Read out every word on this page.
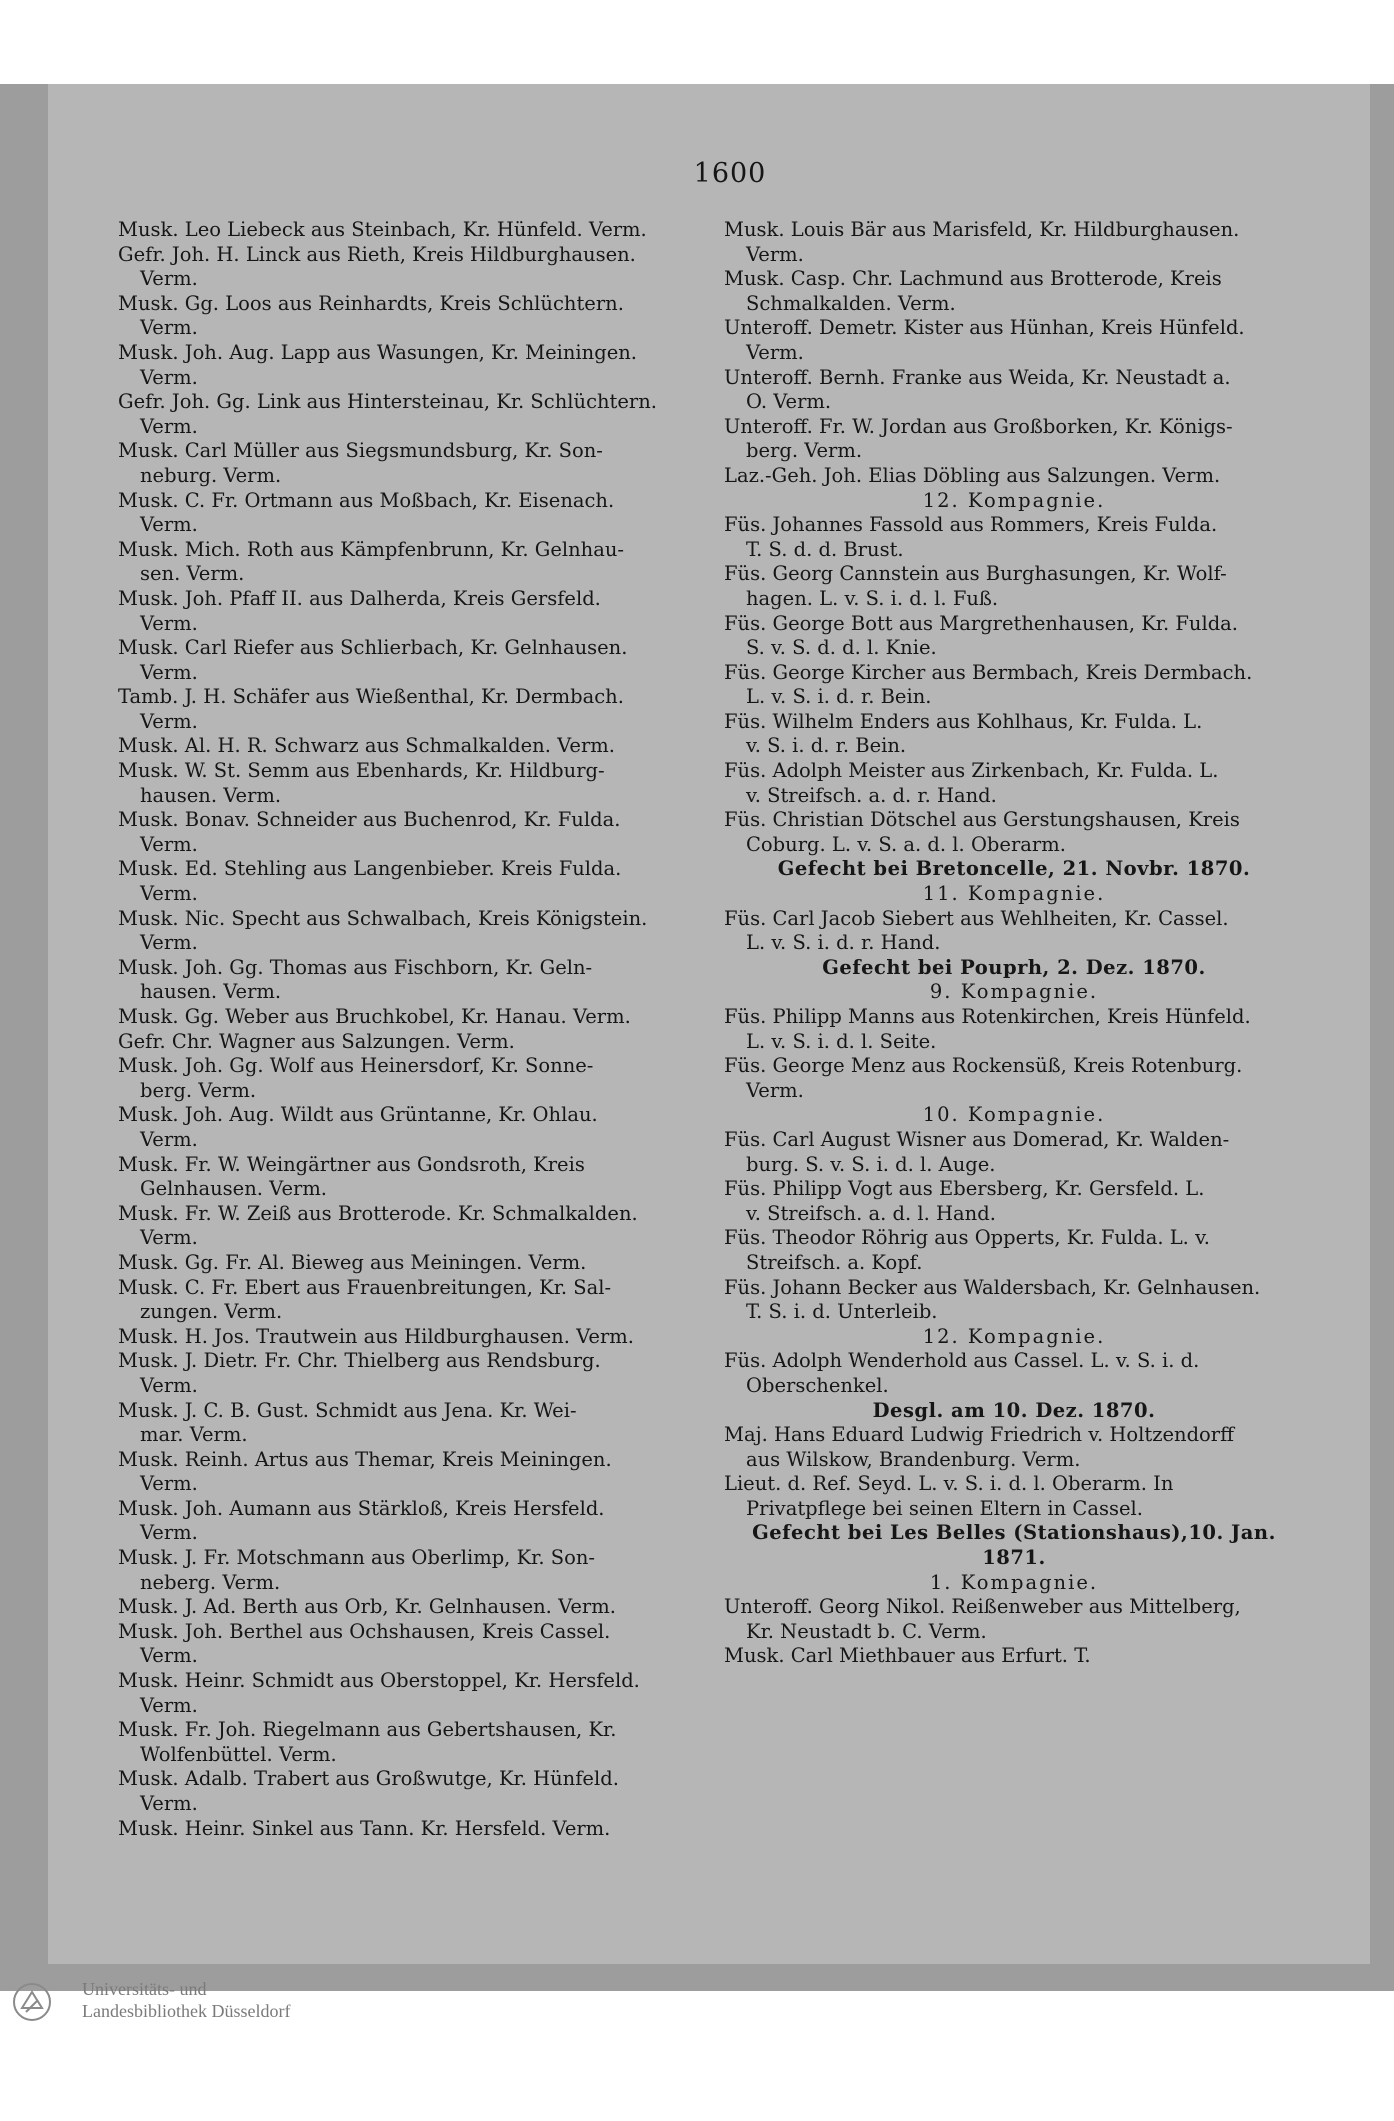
1600
Musk. Leo Liebeck aus Steinbach, Kr. Hünfeld. Verm.
Gefr. Joh. H. Linck aus Rieth, Kreis Hildburghausen.
Verm.
Musk. Gg. Loos aus Reinhardts, Kreis Schlüchtern.
Verm.
Musk. Joh. Aug. Lapp aus Wasungen, Kr. Meiningen.
Verm.
Gefr. Joh. Gg. Link aus Hintersteinau, Kr. Schlüchtern.
Verm.
Musk. Carl Müller aus Siegsmundsburg, Kr. Son-
neburg. Verm.
Musk. C. Fr. Ortmann aus Moßbach, Kr. Eisenach.
Verm.
Musk. Mich. Roth aus Kämpfenbrunn, Kr. Gelnhau-
sen. Verm.
Musk. Joh. Pfaff II. aus Dalherda, Kreis Gersfeld.
Verm.
Musk. Carl Riefer aus Schlierbach, Kr. Gelnhausen.
Verm.
Tamb. J. H. Schäfer aus Wießenthal, Kr. Dermbach.
Verm.
Musk. Al. H. R. Schwarz aus Schmalkalden. Verm.
Musk. W. St. Semm aus Ebenhards, Kr. Hildburg-
hausen. Verm.
Musk. Bonav. Schneider aus Buchenrod, Kr. Fulda.
Verm.
Musk. Ed. Stehling aus Langenbieber. Kreis Fulda.
Verm.
Musk. Nic. Specht aus Schwalbach, Kreis Königstein.
Verm.
Musk. Joh. Gg. Thomas aus Fischborn, Kr. Geln-
hausen. Verm.
Musk. Gg. Weber aus Bruchkobel, Kr. Hanau. Verm.
Gefr. Chr. Wagner aus Salzungen. Verm.
Musk. Joh. Gg. Wolf aus Heinersdorf, Kr. Sonne-
berg. Verm.
Musk. Joh. Aug. Wildt aus Grüntanne, Kr. Ohlau.
Verm.
Musk. Fr. W. Weingärtner aus Gondsroth, Kreis
Gelnhausen. Verm.
Musk. Fr. W. Zeiß aus Brotterode. Kr. Schmalkalden.
Verm.
Musk. Gg. Fr. Al. Bieweg aus Meiningen. Verm.
Musk. C. Fr. Ebert aus Frauenbreitungen, Kr. Sal-
zungen. Verm.
Musk. H. Jos. Trautwein aus Hildburghausen. Verm.
Musk. J. Dietr. Fr. Chr. Thielberg aus Rendsburg.
Verm.
Musk. J. C. B. Gust. Schmidt aus Jena. Kr. Wei-
mar. Verm.
Musk. Reinh. Artus aus Themar, Kreis Meiningen.
Verm.
Musk. Joh. Aumann aus Stärkloß, Kreis Hersfeld.
Verm.
Musk. J. Fr. Motschmann aus Oberlimp, Kr. Son-
neberg. Verm.
Musk. J. Ad. Berth aus Orb, Kr. Gelnhausen. Verm.
Musk. Joh. Berthel aus Ochshausen, Kreis Cassel.
Verm.
Musk. Heinr. Schmidt aus Oberstoppel, Kr. Hersfeld.
Verm.
Musk. Fr. Joh. Riegelmann aus Gebertshausen, Kr.
Wolfenbüttel. Verm.
Musk. Adalb. Trabert aus Großwutge, Kr. Hünfeld.
Verm.
Musk. Heinr. Sinkel aus Tann. Kr. Hersfeld. Verm.
Musk. Louis Bär aus Marisfeld, Kr. Hildburghausen.
Verm.
Musk. Casp. Chr. Lachmund aus Brotterode, Kreis
Schmalkalden. Verm.
Unteroff. Demetr. Kister aus Hünhan, Kreis Hünfeld.
Verm.
Unteroff. Bernh. Franke aus Weida, Kr. Neustadt a.
O. Verm.
Unteroff. Fr. W. Jordan aus Großborken, Kr. Königs-
berg. Verm.
Laz.-Geh. Joh. Elias Döbling aus Salzungen. Verm.
12. Kompagnie.
Füs. Johannes Fassold aus Rommers, Kreis Fulda.
T. S. d. d. Brust.
Füs. Georg Cannstein aus Burghasungen, Kr. Wolf-
hagen. L. v. S. i. d. l. Fuß.
Füs. George Bott aus Margrethenhausen, Kr. Fulda.
S. v. S. d. d. l. Knie.
Füs. George Kircher aus Bermbach, Kreis Dermbach.
L. v. S. i. d. r. Bein.
Füs. Wilhelm Enders aus Kohlhaus, Kr. Fulda. L.
v. S. i. d. r. Bein.
Füs. Adolph Meister aus Zirkenbach, Kr. Fulda. L.
v. Streifsch. a. d. r. Hand.
Füs. Christian Dötschel aus Gerstungshausen, Kreis
Coburg. L. v. S. a. d. l. Oberarm.
Gefecht bei Bretoncelle, 21. Novbr. 1870.
11. Kompagnie.
Füs. Carl Jacob Siebert aus Wehlheiten, Kr. Cassel.
L. v. S. i. d. r. Hand.
Gefecht bei Pouprh, 2. Dez. 1870.
9. Kompagnie.
Füs. Philipp Manns aus Rotenkirchen, Kreis Hünfeld.
L. v. S. i. d. l. Seite.
Füs. George Menz aus Rockensüß, Kreis Rotenburg.
Verm.
10. Kompagnie.
Füs. Carl August Wisner aus Domerad, Kr. Walden-
burg. S. v. S. i. d. l. Auge.
Füs. Philipp Vogt aus Ebersberg, Kr. Gersfeld. L.
v. Streifsch. a. d. l. Hand.
Füs. Theodor Röhrig aus Opperts, Kr. Fulda. L. v.
Streifsch. a. Kopf.
Füs. Johann Becker aus Waldersbach, Kr. Gelnhausen.
T. S. i. d. Unterleib.
12. Kompagnie.
Füs. Adolph Wenderhold aus Cassel. L. v. S. i. d.
Oberschenkel.
Desgl. am 10. Dez. 1870.
Maj. Hans Eduard Ludwig Friedrich v. Holtzendorff
aus Wilskow, Brandenburg. Verm.
Lieut. d. Ref. Seyd. L. v. S. i. d. l. Oberarm. In
Privatpflege bei seinen Eltern in Cassel.
Gefecht bei Les Belles (Stationshaus),10. Jan. 1871.
1. Kompagnie.
Unteroff. Georg Nikol. Reißenweber aus Mittelberg,
Kr. Neustadt b. C. Verm.
Musk. Carl Miethbauer aus Erfurt. T.
Universitäts- und
Landesbibliothek Düsseldorf
